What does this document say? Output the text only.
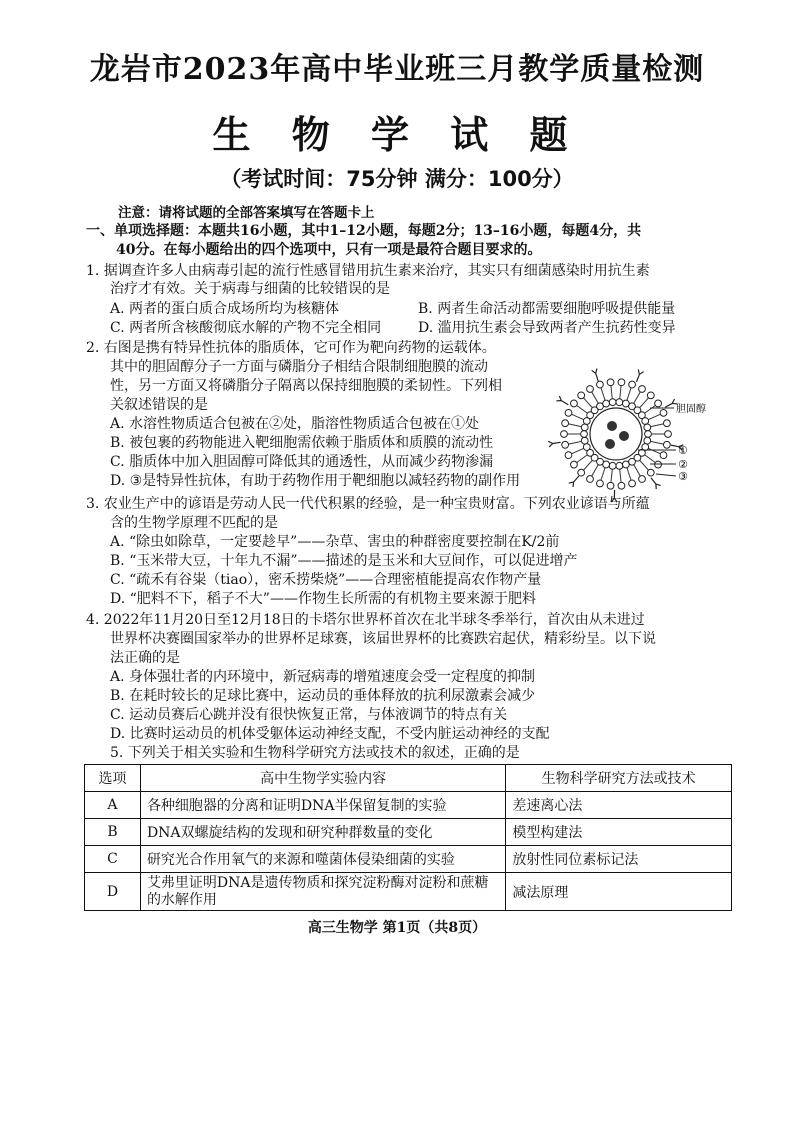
龙岩市2023年高中毕业班三月教学质量检测
生 物 学 试 题
（考试时间：75分钟 满分：100分）
注意：请将试题的全部答案填写在答题卡上
一、单项选择题：本题共16小题，其中1–12小题，每题2分；13–16小题，每题4分，共
40分。在每小题给出的四个选项中，只有一项是最符合题目要求的。
1. 据调查许多人由病毒引起的流行性感冒错用抗生素来治疗，其实只有细菌感染时用抗生素
治疗才有效。关于病毒与细菌的比较错误的是
A. 两者的蛋白质合成场所均为核糖体	B. 两者生命活动都需要细胞呼吸提供能量
C. 两者所含核酸彻底水解的产物不完全相同	D. 滥用抗生素会导致两者产生抗药性变异
2. 右图是携有特异性抗体的脂质体，它可作为靶向药物的运载体。
其中的胆固醇分子一方面与磷脂分子相结合限制细胞膜的流动
性，另一方面又将磷脂分子隔离以保持细胞膜的柔韧性。下列相
关叙述错误的是
A. 水溶性物质适合包被在②处，脂溶性物质适合包被在①处
B. 被包裹的药物能进入靶细胞需依赖于脂质体和质膜的流动性
C. 脂质体中加入胆固醇可降低其的通透性，从而减少药物渗漏
D. ③是特异性抗体，有助于药物作用于靶细胞以减轻药物的副作用
胆固醇
①
②
③
3. 农业生产中的谚语是劳动人民一代代积累的经验，是一种宝贵财富。下列农业谚语与所蕴
含的生物学原理不匹配的是
A. “除虫如除草，一定要趁早”——杂草、害虫的种群密度要控制在K/2前
B. “玉米带大豆，十年九不漏”——描述的是玉米和大豆间作，可以促进增产
C. “疏禾有谷粜（tiao），密禾捞柴烧”——合理密植能提高农作物产量
D. “肥料不下，稻子不大”——作物生长所需的有机物主要来源于肥料
4. 2022年11月20日至12月18日的卡塔尔世界杯首次在北半球冬季举行，首次由从未进过
世界杯决赛圈国家举办的世界杯足球赛，该届世界杯的比赛跌宕起伏，精彩纷呈。以下说
法正确的是
A. 身体强壮者的内环境中，新冠病毒的增殖速度会受一定程度的抑制
B. 在耗时较长的足球比赛中，运动员的垂体释放的抗利尿激素会减少
C. 运动员赛后心跳并没有很快恢复正常，与体液调节的特点有关
D. 比赛时运动员的机体受躯体运动神经支配，不受内脏运动神经的支配
5. 下列关于相关实验和生物科学研究方法或技术的叙述，正确的是
选项	高中生物学实验内容	生物科学研究方法或技术
A	各种细胞器的分离和证明DNA半保留复制的实验	差速离心法
B	DNA双螺旋结构的发现和研究种群数量的变化	模型构建法
C	研究光合作用氧气的来源和噬菌体侵染细菌的实验	放射性同位素标记法
D	艾弗里证明DNA是遗传物质和探究淀粉酶对淀粉和蔗糖的水解作用	减法原理
高三生物学 第1页（共8页）
